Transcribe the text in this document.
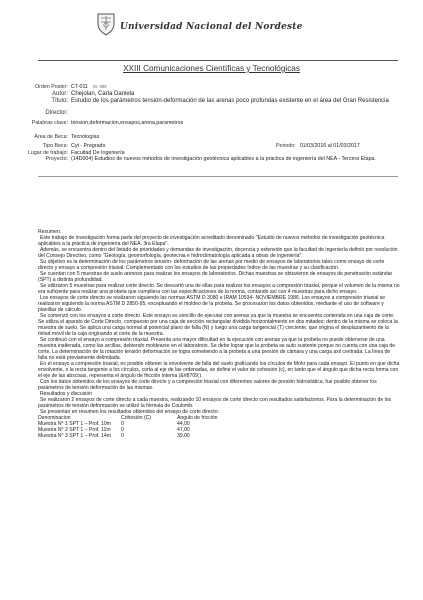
Universidad Nacional del Nordeste
XXIII Comunicaciones Científicas y Tecnológicas
Orden Poster: CT-011	ID: 899
Autor: Chejolan, Carla Daniela
Título: Estudio de los parámetros tensión-deformación de las arenas poco profundas existente en el área del Gran Resistencia
Director:
Palabras clave: tension,deformacion,ensayos,arena,parametros
Área de Beca: Tecnologías
Tipo Beca: Cyt - Pregrado	Periodo: 01/03/2016 al 01/03/2017
Lugar de trabajo: Facultad De Ingeniería
Proyecto: (14D004) Estudios de nuevos métodos de investigación geotécnica aplicables a la práctica de ingeniería del NEA - Tercera Etapa.

Resumen:

Este trabajo de investigación forma parte del proyecto de investigación acreditado denominado "Estudio de nuevos métodos de investigación geotécnica aplicables a la práctica de ingeniería del NEA. 3ra Etapa".

Además, se encuentra dentro del listado de prioridades y demandas de investigación, docencia y extensión que la facultad de ingeniería definió por resolución del Consejo Directivo, como "Geología, geomorfología, geotecnia e hidroclimatología aplicada a obras de ingeniería".

Su objetivo es la determinación de los parámetros tensión- deformación de las arenas por medio de ensayos de laboratorios tales como ensayo de corte directo y ensayo a compresión triaxial. Complementado con los estudios de las propiedades índice de las muestras y su clasificación.

Se cuentan con 5 muestras de suelo arenoso para realizar los ensayos de laboratorios. Dichas muestras se obtuvieron de ensayos de penetración estándar (SPT) a distinta profundidad.

Se utilizaron 5 muestras para realizar corte directo. Se descartó una de ellas para realizar los ensayos a compresión triaxial, porque el volumen de la misma no era suficiente para realizar una probeta que cumpliera con las especificaciones de la norma, contando así con 4 muestras para dicho ensayo.

Los ensayos de corte directo se realizaron siguiendo las normas ASTM D 3080 e IRAM 10534- NOVIEMBRE 1986. Los ensayos a compresión triaxial se realizaron siguiendo la norma ASTM D 2850-95, exceptuando el moldeo de la probeta. Se procesaron los datos obtenidos, mediante el uso de software y planillas de cálculo.

Se comenzó con los ensayos a corte directo. Este ensayo es sencillo de ejecutar con arenas ya que la muestra se encuentra contenida en una caja de corte. Se utiliza el aparato de Corte Directo, compuesto por una caja de sección rectangular dividida horizontalmente en dos mitades; dentro de la misma se coloca la muestra de suelo. Se aplica una carga normal al potencial plano de falla (N) y luego una carga tangencial (T) creciente, que origina el desplazamiento de la mitad móvil de la caja originando el corte de la muestra.

Se continuó con el ensayo a compresión triaxial. Presenta una mayor dificultad en la ejecución con arenas ya que la probeta no puede obtenerse de una muestra inalterada, como las arcillas, debiendo moldearse en el laboratorio. Se debe lograr que la probeta se auto sustente porque no cuenta con una caja de corte. La determinación de la rotación tensión deformación se logra sometiendo a la probeta a una presión de cámara y una carga axil centrada. La línea de falla no está previamente delimitada.

En el ensayo a compresión triaxial, es posible obtener la envolvente de falla del suelo graficando los círculos de Mohr para cada ensayo. El punto en que dicha envolvente, o la recta tangente a los círculos, corta al eje de las ordenadas, se define el valor de cohesión (c), en tanto que el ángulo que dicha recta forma con el eje de las abscisas, representa el ángulo de fricción interna (&#8709;).

Con los datos obtenidos de los ensayos de corte directo y a compresión triaxial con diferentes valores de presión hidrostática, fue posible obtener los parámetros de tensión deformación de las mismas.

Resultados y discusión

Se realizaron 2 ensayos de corte directo a cada muestra, realizando 10 ensayos de corte directo con resultados satisfactorios. Para la determinación de los parámetros de tensión deformación se utilizó la fórmula de Coulomb.

Se presentan en resumen los resultados obtenidos del ensayo de corte directo:

Denominacion	Cohesión (C)	Angulo de fricción
Muestra N° 1 SPT 1 – Prof. 10m	0	44,00
Muestra N° 2 SPT 1 – Prof. 11m	0	47,00
Muestra N° 3 SPT 1 – Prof. 14m	0	39,00
